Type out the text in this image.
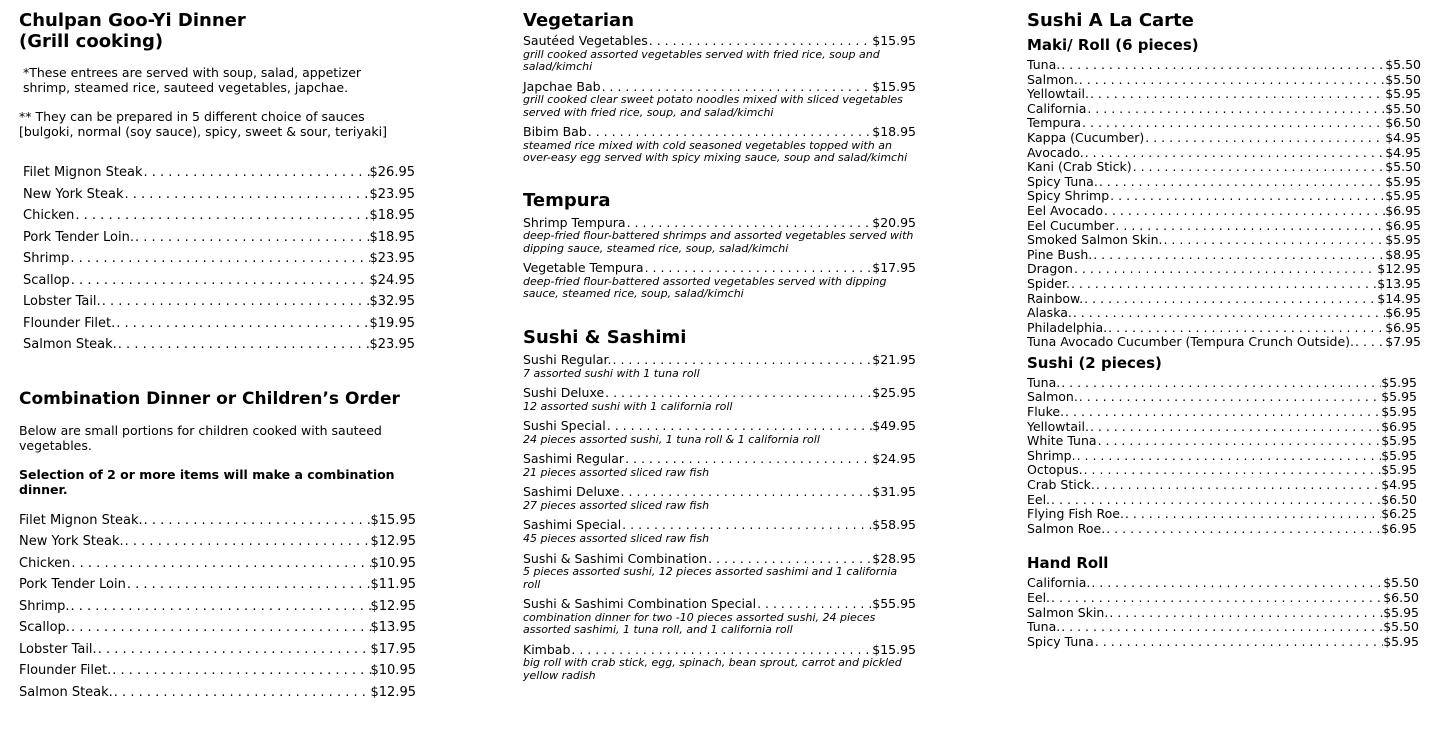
Chulpan Goo-Yi Dinner
(Grill cooking)
*These entrees are served with soup, salad, appetizer shrimp, steamed rice, sauteed vegetables, japchae.
** They can be prepared in 5 different choice of sauces [bulgoki, normal (soy sauce), spicy, sweet & sour, teriyaki]
Filet Mignon Steak . . .	$26.95
New York Steak . . .	$23.95
Chicken . . .	$18.95
Pork Tender Loin. . . .	$18.95
Shrimp . . .	$23.95
Scallop . . .	$24.95
Lobster Tail. . . .	$32.95
Flounder Filet. . . .	$19.95
Salmon Steak. . . .	$23.95
Combination Dinner or Children’s Order
Below are small portions for children cooked with sauteed vegetables.
Selection of 2 or more items will make a combination dinner.
Filet Mignon Steak. . . .	$15.95
New York Steak. . . .	$12.95
Chicken . . .	$10.95
Pork Tender Loin . . .	$11.95
Shrimp. . . .	$12.95
Scallop. . . .	$13.95
Lobster Tail. . . .	$17.95
Flounder Filet. . . .	$10.95
Salmon Steak. . . .	$12.95
Vegetarian
Sautéed Vegetables . . .	$15.95
grill cooked assorted vegetables served with fried rice, soup and salad/kimchi
Japchae Bab . . .	$15.95
grill cooked clear sweet potato noodles mixed with sliced vegetables served with fried rice, soup, and salad/kimchi
Bibim Bab . . .	$18.95
steamed rice mixed with cold seasoned vegetables topped with an over-easy egg served with spicy mixing sauce, soup and salad/kimchi
Tempura
Shrimp Tempura . . .	$20.95
deep-fried flour-battered shrimps and assorted vegetables served with dipping sauce, steamed rice, soup, salad/kimchi
Vegetable Tempura . . .	$17.95
deep-fried flour-battered assorted vegetables served with dipping sauce, steamed rice, soup, salad/kimchi
Sushi & Sashimi
Sushi Regular. . . .	$21.95
7 assorted sushi with 1 tuna roll
Sushi Deluxe . . .	$25.95
12 assorted sushi with 1 california roll
Sushi Special . . .	$49.95
24 pieces assorted sushi, 1 tuna roll & 1 california roll
Sashimi Regular . . .	$24.95
21 pieces assorted sliced raw fish
Sashimi Deluxe . . .	$31.95
27 pieces assorted sliced raw fish
Sashimi Special . . .	$58.95
45 pieces assorted sliced raw fish
Sushi & Sashimi Combination . . .	$28.95
5 pieces assorted sushi, 12 pieces assorted sashimi and 1 california roll
Sushi & Sashimi Combination Special . . .	$55.95
combination dinner for two -10 pieces assorted sushi, 24 pieces assorted sashimi, 1 tuna roll, and 1 california roll
Kimbab . . .	$15.95
big roll with crab stick, egg, spinach, bean sprout, carrot and pickled yellow radish
Sushi A La Carte
Maki/ Roll (6 pieces)
Tuna. . . .	$5.50
Salmon. . . .	$5.50
Yellowtail. . . .	$5.95
California . . .	$5.50
Tempura . . .	$6.50
Kappa (Cucumber) . . .	$4.95
Avocado. . . .	$4.95
Kani (Crab Stick) . . .	$5.50
Spicy Tuna. . . .	$5.95
Spicy Shrimp . . .	$5.95
Eel Avocado . . .	$6.95
Eel Cucumber . . .	$6.95
Smoked Salmon Skin. . . .	$5.95
Pine Bush. . . .	$8.95
Dragon . . .	$12.95
Spider. . . .	$13.95
Rainbow. . . .	$14.95
Alaska. . . .	$6.95
Philadelphia. . . .	$6.95
Tuna Avocado Cucumber (Tempura Crunch Outside). . . . $7.95
Sushi (2 pieces)
Tuna. . . .	$5.95
Salmon. . . .	$5.95
Fluke. . . .	$5.95
Yellowtail. . . .	$6.95
White Tuna . . .	$5.95
Shrimp. . . .	$5.95
Octopus. . . .	$5.95
Crab Stick. . . .	$4.95
Eel. . . .	$6.50
Flying Fish Roe. . . .	$6.25
Salmon Roe. . . .	$6.95
Hand Roll
California. . . .	$5.50
Eel. . . .	$6.50
Salmon Skin. . . .	$5.95
Tuna. . . .	$5.50
Spicy Tuna . . .	$5.95
